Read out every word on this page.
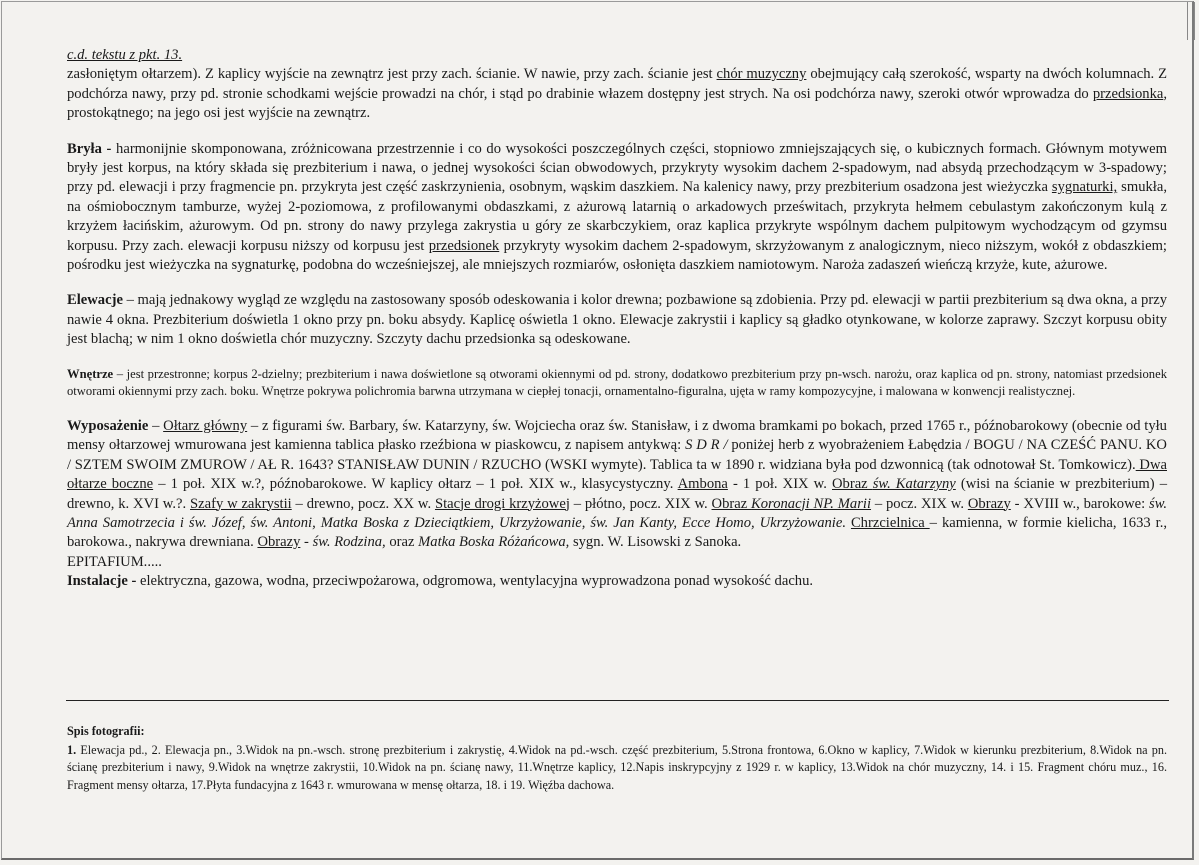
c.d. tekstu z pkt. 13.

zasłoniętym ołtarzem). Z kaplicy wyjście na zewnątrz jest przy zach. ścianie. W nawie, przy zach. ścianie jest chór muzyczny obejmujący całą szerokość, wsparty na dwóch kolumnach. Z podchórza nawy, przy pd. stronie schodkami wejście prowadzi na chór, i stąd po drabinie włazem dostępny jest strych. Na osi podchórza nawy, szeroki otwór wprowadza do przedsionka, prostokątnego; na jego osi jest wyjście na zewnątrz.

Bryła - harmonijnie skomponowana, zróżnicowana przestrzennie i co do wysokości poszczególnych części, stopniowo zmniejszających się, o kubicznych formach. Głównym motywem bryły jest korpus, na który składa się prezbiterium i nawa, o jednej wysokości ścian obwodowych, przykryty wysokim dachem 2-spadowym, nad absydą przechodzącym w 3-spadowy; przy pd. elewacji i przy fragmencie pn. przykryta jest część zaskrzynienia, osobnym, wąskim daszkiem. Na kalenicy nawy, przy prezbiterium osadzona jest wieżyczka sygnaturki, smukła, na ośmiobocznym tamburze, wyżej 2-poziomowa, z profilowanymi obdaszkami, z ażurową latarnią o arkadowych prześwitach, przykryta hełmem cebulastym zakończonym kulą z krzyżem łacińskim, ażurowym. Od pn. strony do nawy przylega zakrystia u góry ze skarbczykiem, oraz kaplica przykryte wspólnym dachem pulpitowym wychodzącym od gzymsu korpusu. Przy zach. elewacji korpusu niższy od korpusu jest przedsionek przykryty wysokim dachem 2-spadowym, skrzyżowanym z analogicznym, nieco niższym, wokół z obdaszkiem; pośrodku jest wieżyczka na sygnaturkę, podobna do wcześniejszej, ale mniejszych rozmiarów, osłonięta daszkiem namiotowym. Naroża zadaszeń wieńczą krzyże, kute, ażurowe.

Elewacje – mają jednakowy wygląd ze względu na zastosowany sposób odeskowania i kolor drewna; pozbawione są zdobienia. Przy pd. elewacji w partii prezbiterium są dwa okna, a przy nawie 4 okna. Prezbiterium doświetla 1 okno przy pn. boku absydy. Kaplicę oświetla 1 okno. Elewacje zakrystii i kaplicy są gładko otynkowane, w kolorze zaprawy. Szczyt korpusu obity jest blachą; w nim 1 okno doświetla chór muzyczny. Szczyty dachu przedsionka są odeskowane.

Wnętrze – jest przestronne; korpus 2-dzielny; prezbiterium i nawa doświetlone są otworami okiennymi od pd. strony, dodatkowo prezbiterium przy pn-wsch. narożu, oraz kaplica od pn. strony, natomiast przedsionek otworami okiennymi przy zach. boku. Wnętrze pokrywa polichromia barwna utrzymana w ciepłej tonacji, ornamentalno-figuralna, ujęta w ramy kompozycyjne, i malowana w konwencji realistycznej.

Wyposażenie – Ołtarz główny – z figurami św. Barbary, św. Katarzyny, św. Wojciecha oraz św. Stanisław, i z dwoma bramkami po bokach, przed 1765 r., późnobarokowy (obecnie od tyłu mensy ołtarzowej wmurowana jest kamienna tablica płasko rzeźbiona w piaskowcu, z napisem antykwą: S D R / poniżej herb z wyobrażeniem Łabędzia / BOGU / NA CZEŚĆ PANU. KO / SZTEM SWOIM ZMUROW / AŁ R. 1643? STANISŁAW DUNIN / RZUCHO (WSKI wymyte). Tablica ta w 1890 r. widziana była pod dzwonnicą (tak odnotował St. Tomkowicz). Dwa ołtarze boczne – 1 poł. XIX w.?, późnobarokowe. W kaplicy ołtarz – 1 poł. XIX w., klasycystyczny. Ambona - 1 poł. XIX w. Obraz św. Katarzyny (wisi na ścianie w prezbiterium) – drewno, k. XVI w.?. Szafy w zakrystii – drewno, pocz. XX w. Stacje drogi krzyżowej – płótno, pocz. XIX w. Obraz Koronacji NP. Marii – pocz. XIX w. Obrazy - XVIII w., barokowe: św. Anna Samotrzecia i św. Józef, św. Antoni, Matka Boska z Dzieciątkiem, Ukrzyżowanie, św. Jan Kanty, Ecce Homo, Ukrzyżowanie. Chrzcielnica – kamienna, w formie kielicha, 1633 r., barokowa., nakrywa drewniana. Obrazy - św. Rodzina, oraz Matka Boska Różańcowa, sygn. W. Lisowski z Sanoka.

EPITAFIUM.....

Instalacje - elektryczna, gazowa, wodna, przeciwpożarowa, odgromowa, wentylacyjna wyprowadzona ponad wysokość dachu.

Spis fotografii:

1. Elewacja pd., 2. Elewacja pn., 3.Widok na pn.-wsch. stronę prezbiterium i zakrystię, 4.Widok na pd.-wsch. część prezbiterium, 5.Strona frontowa, 6.Okno w kaplicy, 7.Widok w kierunku prezbiterium, 8.Widok na pn. ścianę prezbiterium i nawy, 9.Widok na wnętrze zakrystii, 10.Widok na pn. ścianę nawy, 11.Wnętrze kaplicy, 12.Napis inskrypcyjny z 1929 r. w kaplicy, 13.Widok na chór muzyczny, 14. i 15. Fragment chóru muz., 16. Fragment mensy ołtarza, 17.Płyta fundacyjna z 1643 r. wmurowana w mensę ołtarza, 18. i 19. Więźba dachowa.
